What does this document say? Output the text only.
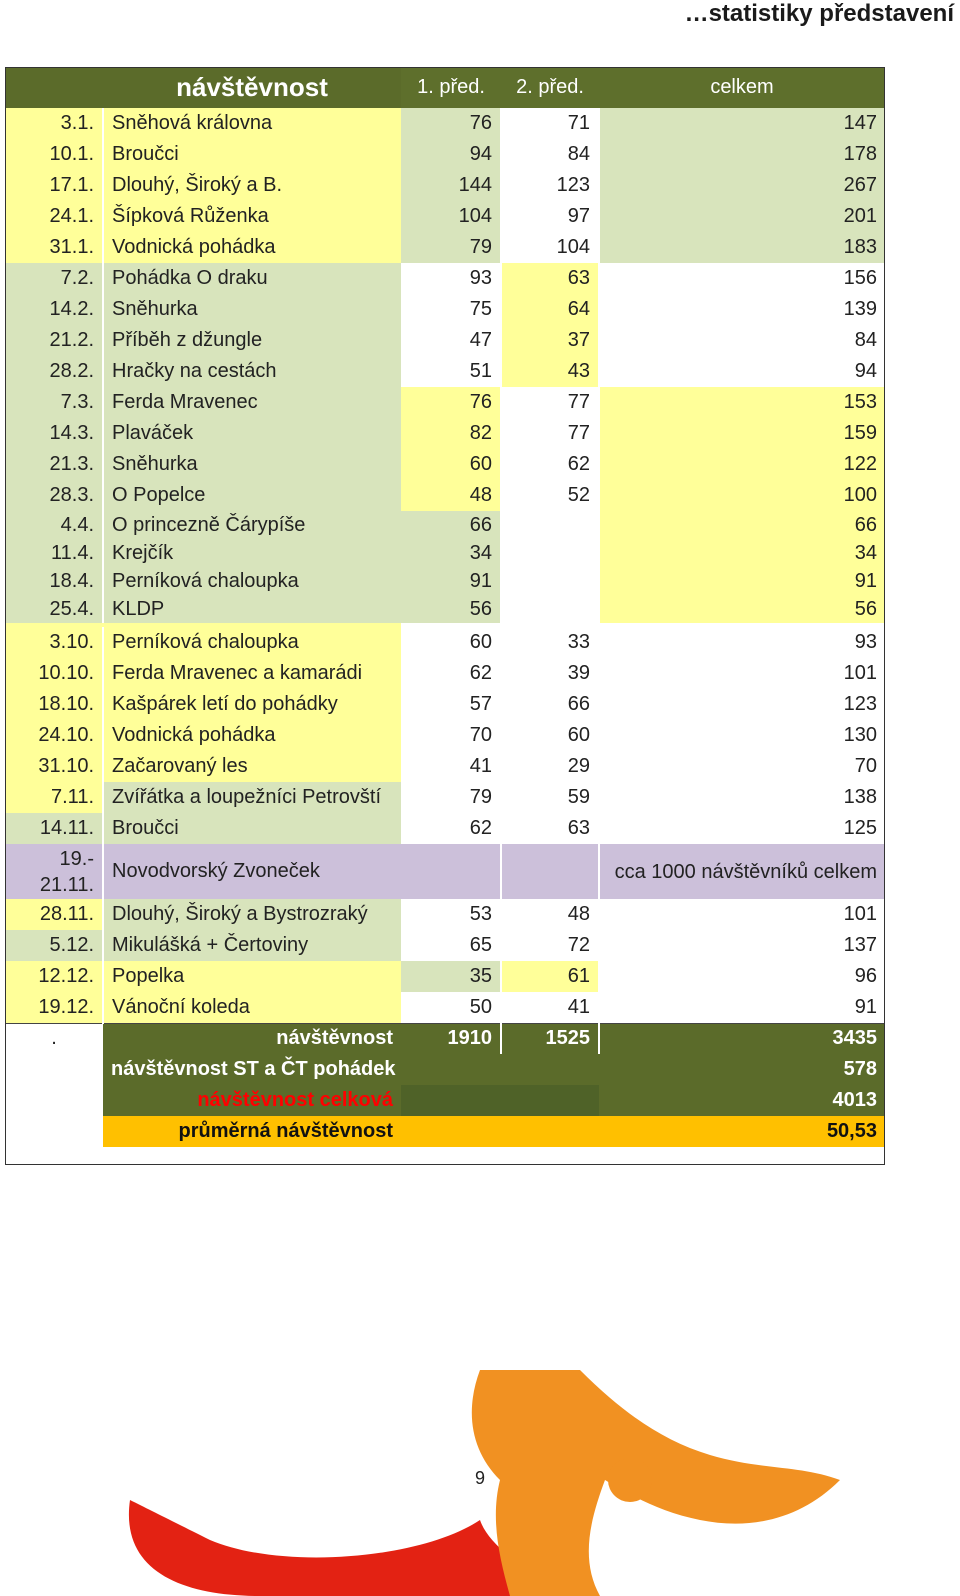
…statistiky představení
	návštěvnost	1. před.	2. před.	celkem
3.1.	Sněhová královna	76	71	147
10.1.	Broučci	94	84	178
17.1.	Dlouhý, Široký a B.	144	123	267
24.1.	Šípková Růženka	104	97	201
31.1.	Vodnická pohádka	79	104	183
7.2.	Pohádka O draku	93	63	156
14.2.	Sněhurka	75	64	139
21.2.	Příběh z džungle	47	37	84
28.2.	Hračky na cestách	51	43	94
7.3.	Ferda Mravenec	76	77	153
14.3.	Plaváček	82	77	159
21.3.	Sněhurka	60	62	122
28.3.	O Popelce	48	52	100
4.4.	O princezně Čárypíše	66		66
11.4.	Krejčík	34		34
18.4.	Perníková chaloupka	91		91
25.4.	KLDP	56		56

3.10.	Perníková chaloupka	60	33	93
10.10.	Ferda Mravenec a kamarádi	62	39	101
18.10.	Kašpárek letí do pohádky	57	66	123
24.10.	Vodnická pohádka	70	60	130
31.10.	Začarovaný les	41	29	70
7.11.	Zvířátka a loupežníci Petrovští	79	59	138
14.11.	Broučci	62	63	125
19.-
21.11.	Novodvorský Zvoneček			cca 1000 návštěvníků celkem
28.11.	Dlouhý, Široký a Bystrozraký	53	48	101
5.12.	Mikulášká + Čertoviny	65	72	137
12.12.	Popelka	35	61	96
19.12.	Vánoční koleda	50	41	91
.	návštěvnost	1910	1525	3435
	návštěvnost ST a ČT pohádek			578
	návštěvnost celková			4013
	průměrná návštěvnost			50,53
9
